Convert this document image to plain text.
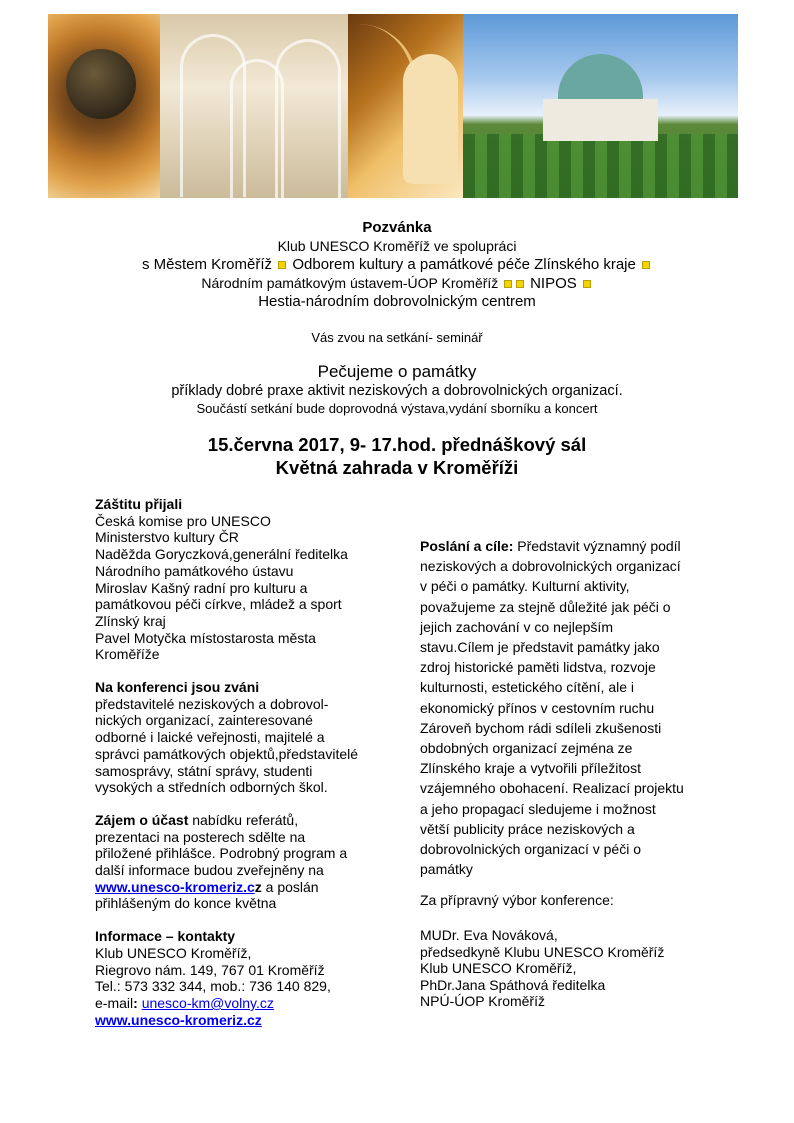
Pozvánka
Klub UNESCO Kroměříž ve spolupráci
s Městem Kroměříž Odborem kultury a památkové péče Zlínského kraje
Národním památkovým ústavem-ÚOP Kroměříž NIPOS
Hestia-národním dobrovolnickým centrem
Vás zvou na setkání- seminář
Pečujeme o památky
příklady dobré praxe aktivit neziskových a dobrovolnických organizací.
Součástí setkání bude doprovodná výstava,vydání sborníku a koncert
15.června 2017, 9- 17.hod. přednáškový sál
Květná zahrada v Kroměříži
Záštitu přijali
Česká komise pro UNESCO
Ministerstvo kultury ČR
Naděžda Goryczková,generální ředitelka
Národního památkového ústavu
Miroslav Kašný radní pro kulturu a
památkovou péči církve, mládež a sport
Zlínský kraj
Pavel Motyčka místostarosta města
Kroměříže
Na konferenci jsou zváni
představitelé neziskových a dobrovol-
nických organizací, zainteresované
odborné i laické veřejnosti, majitelé a
správci památkových objektů,představitelé
samosprávy, státní správy, studenti
vysokých a středních odborných škol.
Zájem o účast nabídku referátů,
prezentaci na posterech sdělte na
přiložené přihlášce. Podrobný program a
další informace budou zveřejněny na
www.unesco-kromeriz.cz a poslán
přihlášeným do konce května
Informace – kontakty
Klub UNESCO Kroměříž,
Riegrovo nám. 149, 767 01 Kroměříž
Tel.: 573 332 344, mob.: 736 140 829,
e-mail: unesco-km@volny.cz
www.unesco-kromeriz.cz
Poslání a cíle: Představit významný podíl
neziskových a dobrovolnických organizací
v péči o památky. Kulturní aktivity,
považujeme za stejně důležité jak péči o
jejich zachování v co nejlepším
stavu.Cílem je představit památky jako
zdroj historické paměti lidstva, rozvoje
kulturnosti, estetického cítění, ale i
ekonomický přínos v cestovním ruchu
Zároveň bychom rádi sdíleli zkušenosti
obdobných organizací zejména ze
Zlínského kraje a vytvořili příležitost
vzájemného obohacení. Realizací projektu
a jeho propagací sledujeme i možnost
větší publicity práce neziskových a
dobrovolnických organizací v péči o
památky
Za přípravný výbor konference:
MUDr. Eva Nováková,
předsedkyně Klubu UNESCO Kroměříž
Klub UNESCO Kroměříž,
PhDr.Jana Spáthová ředitelka
NPÚ-ÚOP Kroměříž
